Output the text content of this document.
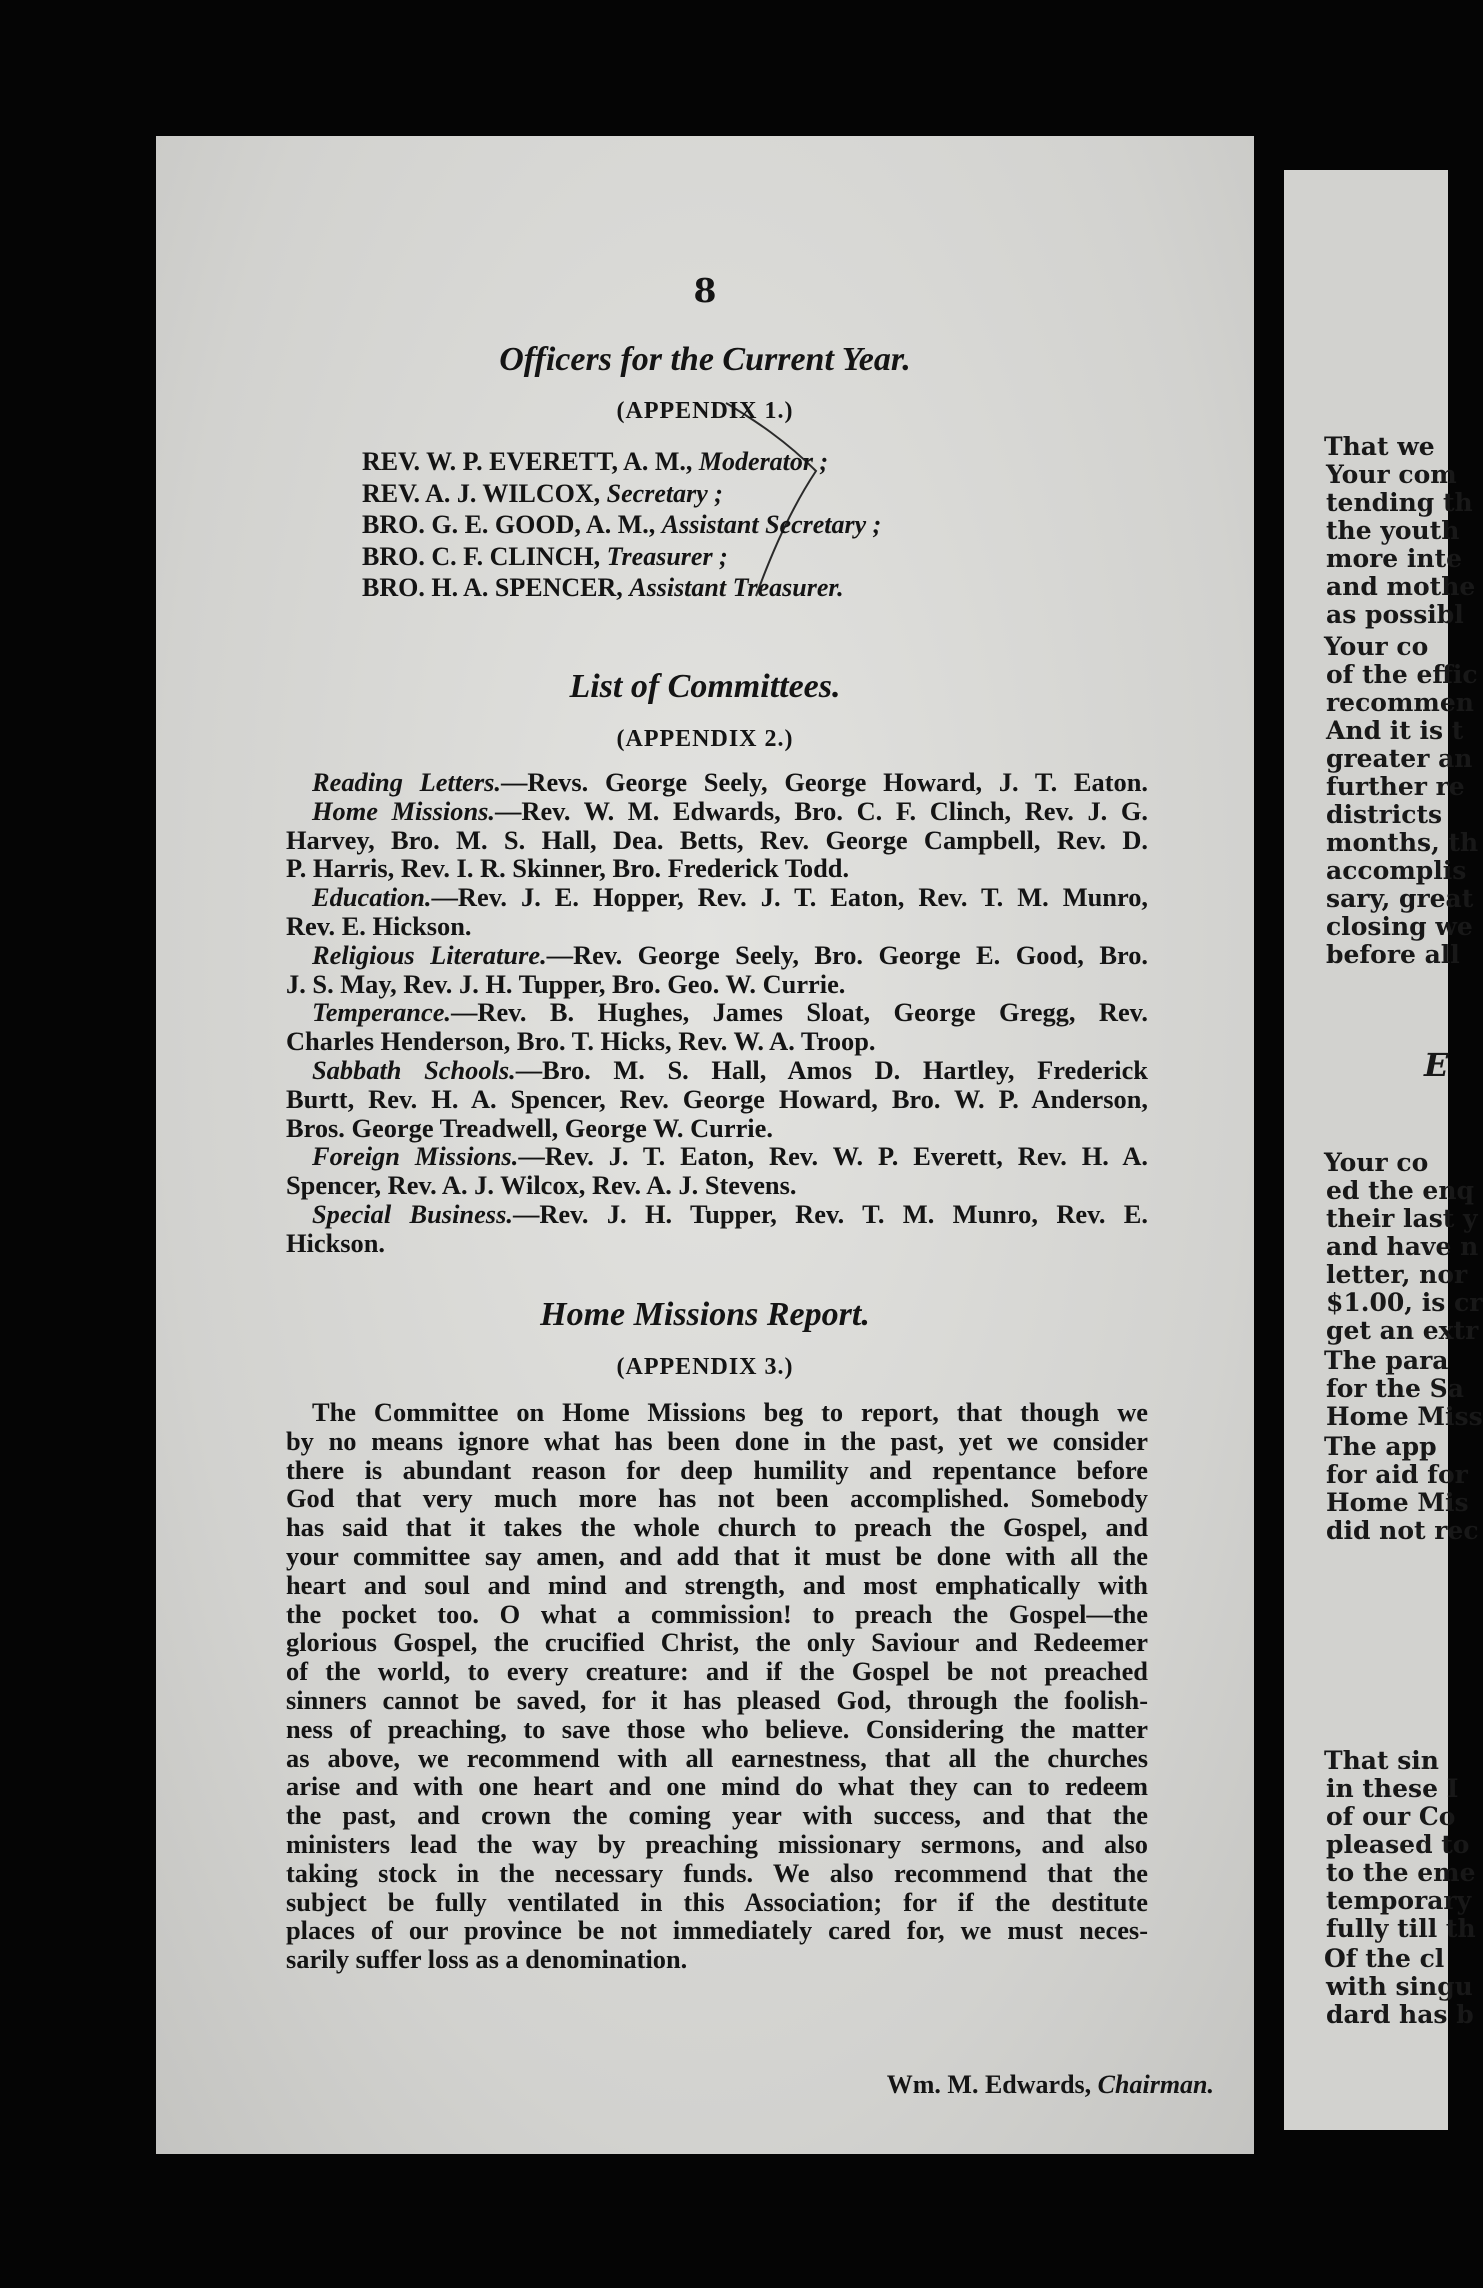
8
Officers for the Current Year.
(APPENDIX 1.)
REV. W. P. EVERETT, A. M., Moderator ;
REV. A. J. WILCOX, Secretary ;
BRO. G. E. GOOD, A. M., Assistant Secretary ;
BRO. C. F. CLINCH, Treasurer ;
BRO. H. A. SPENCER, Assistant Treasurer.
List of Committees.
(APPENDIX 2.)
Reading Letters.—Revs. George Seely, George Howard, J. T. Eaton.
Home Missions.—Rev. W. M. Edwards, Bro. C. F. Clinch, Rev. J. G.
Harvey, Bro. M. S. Hall, Dea. Betts, Rev. George Campbell, Rev. D.
P. Harris, Rev. I. R. Skinner, Bro. Frederick Todd.
Education.—Rev. J. E. Hopper, Rev. J. T. Eaton, Rev. T. M. Munro,
Rev. E. Hickson.
Religious Literature.—Rev. George Seely, Bro. George E. Good, Bro.
J. S. May, Rev. J. H. Tupper, Bro. Geo. W. Currie.
Temperance.—Rev. B. Hughes, James Sloat, George Gregg, Rev.
Charles Henderson, Bro. T. Hicks, Rev. W. A. Troop.
Sabbath Schools.—Bro. M. S. Hall, Amos D. Hartley, Frederick
Burtt, Rev. H. A. Spencer, Rev. George Howard, Bro. W. P. Anderson,
Bros. George Treadwell, George W. Currie.
Foreign Missions.—Rev. J. T. Eaton, Rev. W. P. Everett, Rev. H. A.
Spencer, Rev. A. J. Wilcox, Rev. A. J. Stevens.
Special Business.—Rev. J. H. Tupper, Rev. T. M. Munro, Rev. E.
Hickson.
Home Missions Report.
(APPENDIX 3.)
The Committee on Home Missions beg to report, that though we
by no means ignore what has been done in the past, yet we consider
there is abundant reason for deep humility and repentance before
God that very much more has not been accomplished. Somebody
has said that it takes the whole church to preach the Gospel, and
your committee say amen, and add that it must be done with all the
heart and soul and mind and strength, and most emphatically with
the pocket too. O what a commission! to preach the Gospel—the
glorious Gospel, the crucified Christ, the only Saviour and Redeemer
of the world, to every creature: and if the Gospel be not preached
sinners cannot be saved, for it has pleased God, through the foolish-
ness of preaching, to save those who believe. Considering the matter
as above, we recommend with all earnestness, that all the churches
arise and with one heart and one mind do what they can to redeem
the past, and crown the coming year with success, and that the
ministers lead the way by preaching missionary sermons, and also
taking stock in the necessary funds. We also recommend that the
subject be fully ventilated in this Association; for if the destitute
places of our province be not immediately cared for, we must neces-
sarily suffer loss as a denomination.
Wm. M. Edwards, Chairman.
That we
Your com
tending th
the youth
more inte
and mothe
as possibl
Your co
of the effic
recommen
And it is t
greater an
further re
districts
months, th
accomplis
sary, great
closing we
before all
E
Your co
ed the enq
their last y
and have n
letter, nor
$1.00, is cr
get an extr
The para
for the Sa
Home Miss
The app
for aid for
Home Mis
did not rec
That sin
in these I
of our Co
pleased to
to the eme
temporary
fully till th
Of the cl
with singu
dard has b
